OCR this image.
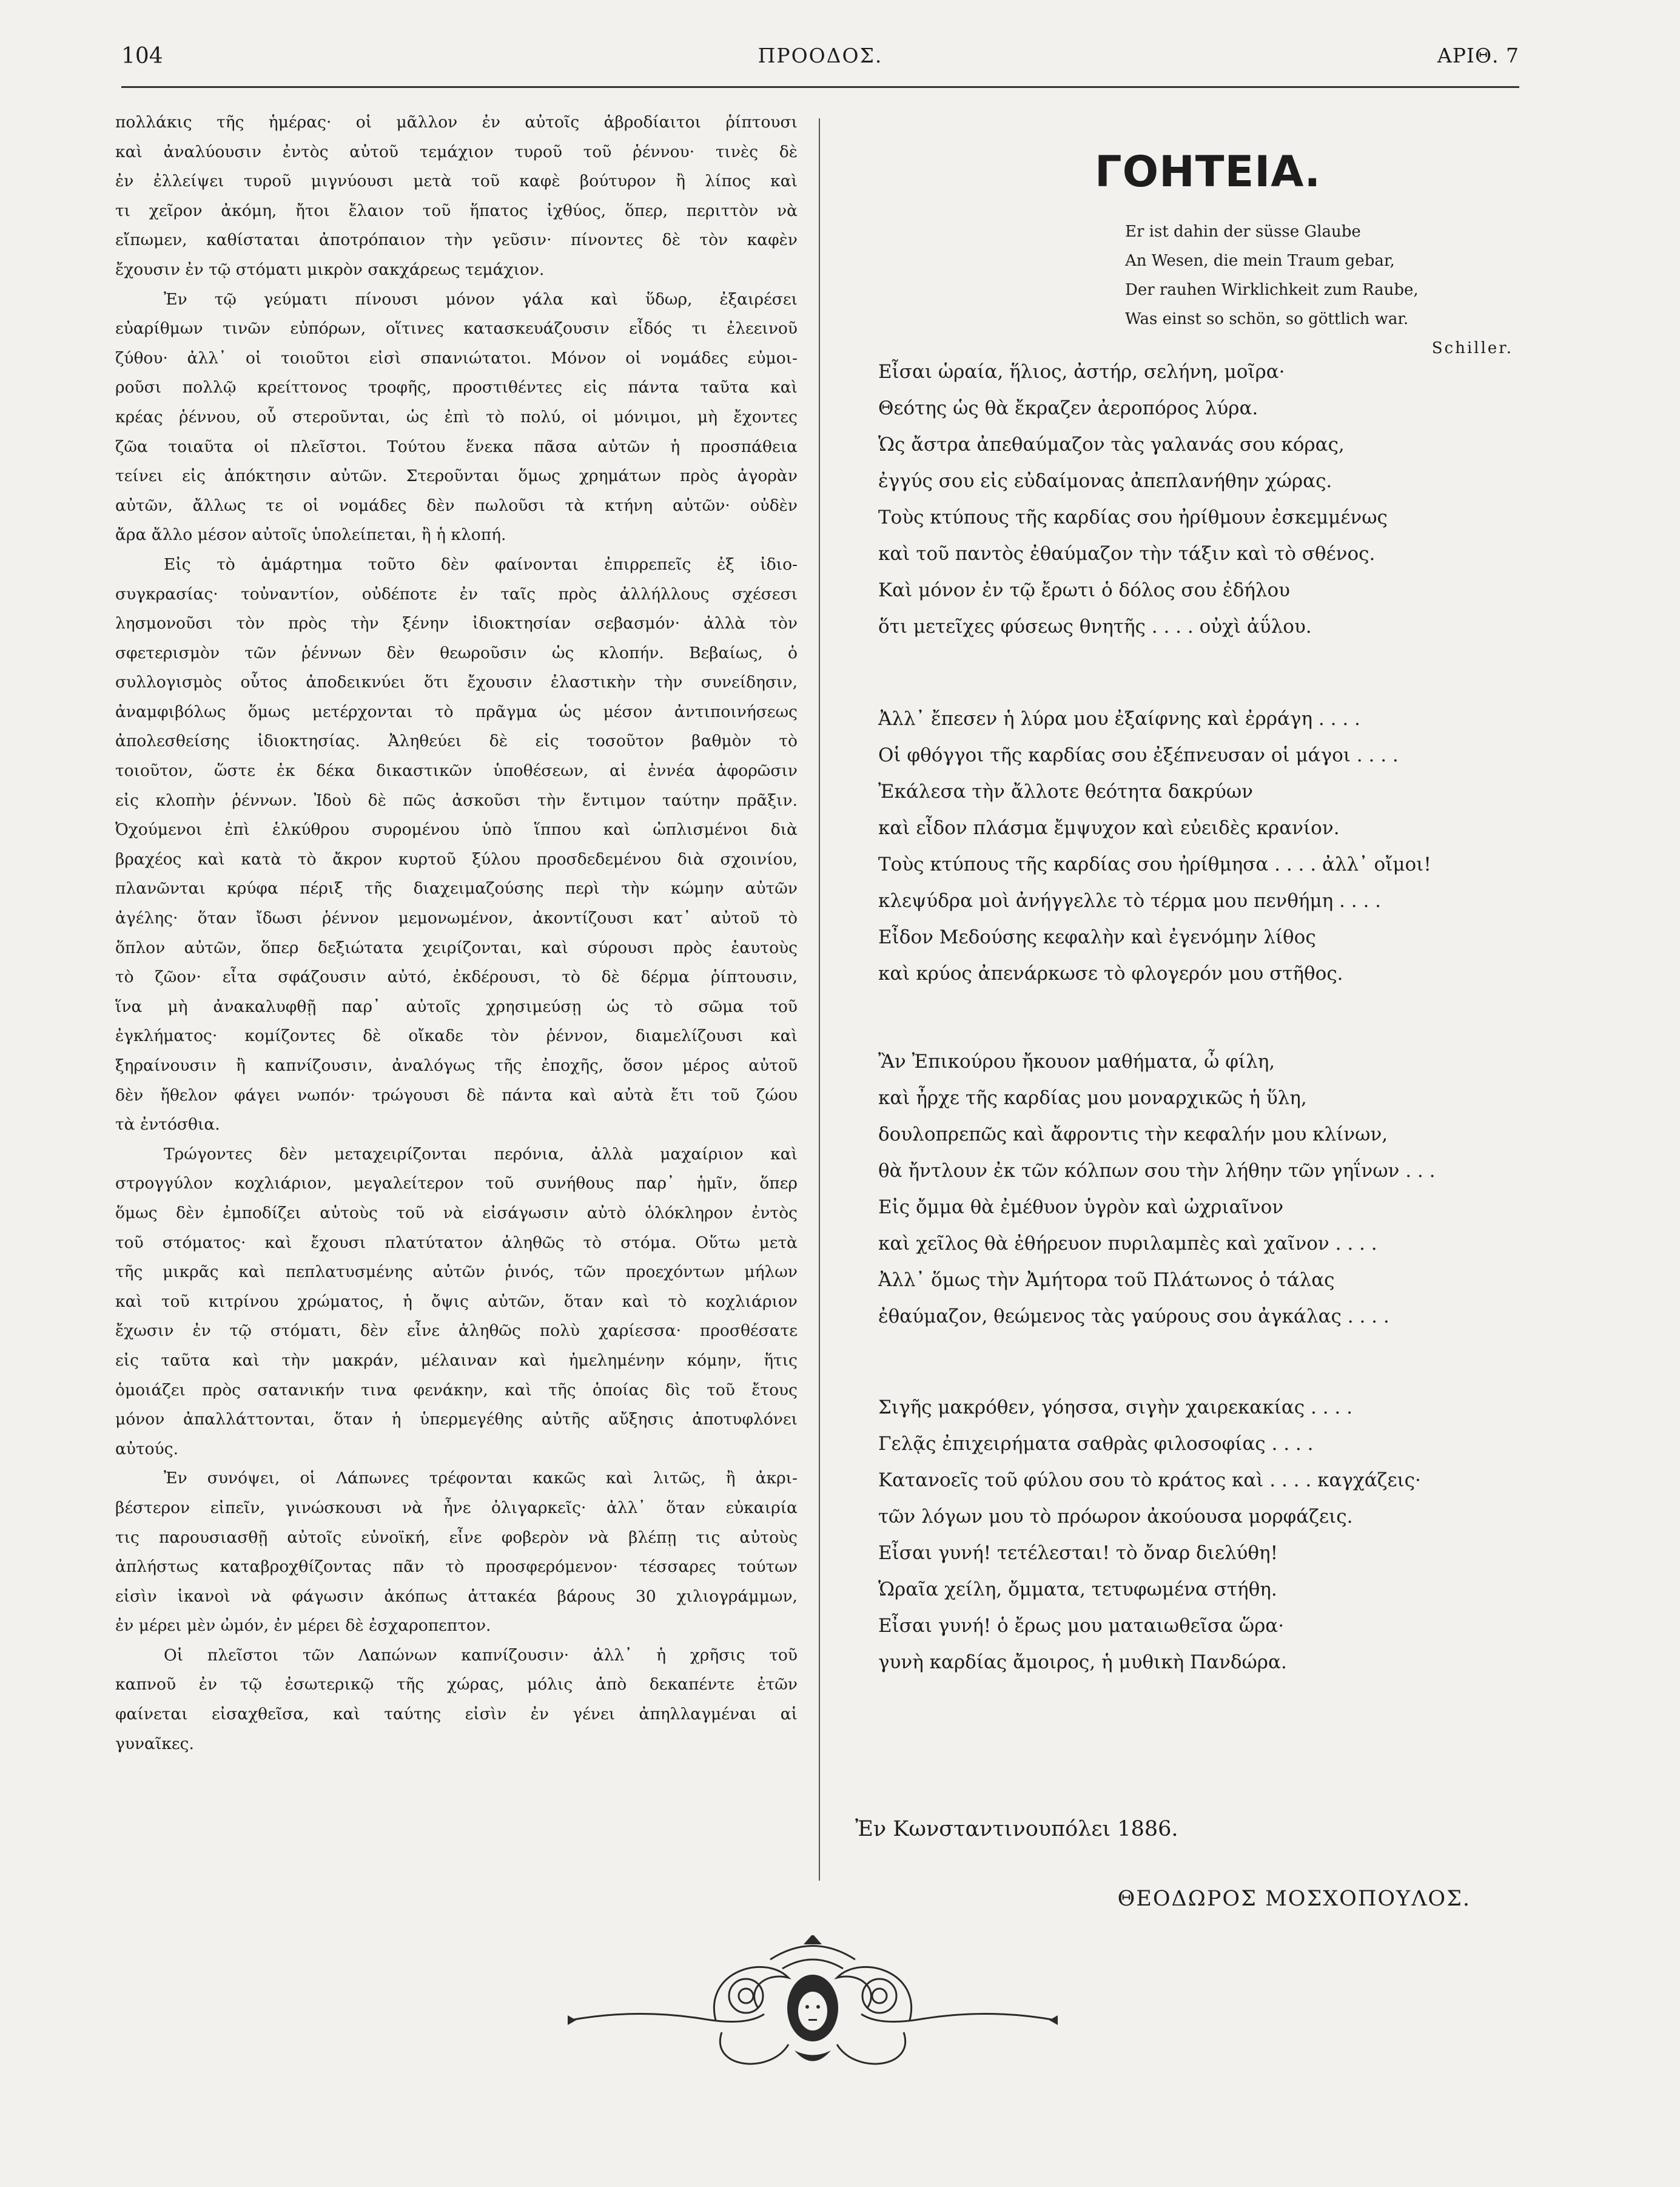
104	ΠΡΟΟΔΟΣ.	ΑΡΙΘ. 7
πολλάκις τῆς ἡμέρας· οἱ μᾶλλον ἐν αὐτοῖς ἁβροδίαιτοι ῥίπτουσι
καὶ ἀναλύουσιν ἐντὸς αὐτοῦ τεμάχιον τυροῦ τοῦ ῥέννου· τινὲς δὲ
ἐν ἐλλείψει τυροῦ μιγνύουσι μετὰ τοῦ καφὲ βούτυρον ἢ λίπος καὶ
τι χεῖρον ἀκόμη, ἤτοι ἔλαιον τοῦ ἥπατος ἰχθύος, ὅπερ, περιττὸν νὰ
εἴπωμεν, καθίσταται ἀποτρόπαιον τὴν γεῦσιν· πίνοντες δὲ τὸν καφὲν
ἔχουσιν ἐν τῷ στόματι μικρὸν σακχάρεως τεμάχιον.
Ἐν τῷ γεύματι πίνουσι μόνον γάλα καὶ ὕδωρ, ἐξαιρέσει
εὐαρίθμων τινῶν εὐπόρων, οἵτινες κατασκευάζουσιν εἶδός τι ἐλεεινοῦ
ζύθου· ἀλλ᾽ οἱ τοιοῦτοι εἰσὶ σπανιώτατοι. Μόνον οἱ νομάδες εὐμοι-
ροῦσι πολλῷ κρείττονος τροφῆς, προστιθέντες εἰς πάντα ταῦτα καὶ
κρέας ῥέννου, οὗ στεροῦνται, ὡς ἐπὶ τὸ πολύ, οἱ μόνιμοι, μὴ ἔχοντες
ζῶα τοιαῦτα οἱ πλεῖστοι. Τούτου ἕνεκα πᾶσα αὐτῶν ἡ προσπάθεια
τείνει εἰς ἀπόκτησιν αὐτῶν. Στεροῦνται ὅμως χρημάτων πρὸς ἀγορὰν
αὐτῶν, ἄλλως τε οἱ νομάδες δὲν πωλοῦσι τὰ κτήνη αὐτῶν· οὐδὲν
ἄρα ἄλλο μέσον αὐτοῖς ὑπολείπεται, ἢ ἡ κλοπή.
Εἰς τὸ ἁμάρτημα τοῦτο δὲν φαίνονται ἐπιρρεπεῖς ἐξ ἰδιο-
συγκρασίας· τοὐναντίον, οὐδέποτε ἐν ταῖς πρὸς ἀλλήλλους σχέσεσι
λησμονοῦσι τὸν πρὸς τὴν ξένην ἰδιοκτησίαν σεβασμόν· ἀλλὰ τὸν
σφετερισμὸν τῶν ῥέννων δὲν θεωροῦσιν ὡς κλοπήν. Βεβαίως, ὁ
συλλογισμὸς οὗτος ἀποδεικνύει ὅτι ἔχουσιν ἐλαστικὴν τὴν συνείδησιν,
ἀναμφιβόλως ὅμως μετέρχονται τὸ πρᾶγμα ὡς μέσον ἀντιποινήσεως
ἀπολεσθείσης ἰδιοκτησίας. Ἀληθεύει δὲ εἰς τοσοῦτον βαθμὸν τὸ
τοιοῦτον, ὥστε ἐκ δέκα δικαστικῶν ὑποθέσεων, αἱ ἐννέα ἀφορῶσιν
εἰς κλοπὴν ῥέννων. Ἰδοὺ δὲ πῶς ἀσκοῦσι τὴν ἔντιμον ταύτην πρᾶξιν.
Ὀχούμενοι ἐπὶ ἑλκύθρου συρομένου ὑπὸ ἵππου καὶ ὡπλισμένοι διὰ
βραχέος καὶ κατὰ τὸ ἄκρον κυρτοῦ ξύλου προσδεδεμένου διὰ σχοινίου,
πλανῶνται κρύφα πέριξ τῆς διαχειμαζούσης περὶ τὴν κώμην αὐτῶν
ἀγέλης· ὅταν ἴδωσι ῥέννον μεμονωμένον, ἀκοντίζουσι κατ᾽ αὐτοῦ τὸ
ὅπλον αὐτῶν, ὅπερ δεξιώτατα χειρίζονται, καὶ σύρουσι πρὸς ἑαυτοὺς
τὸ ζῶον· εἶτα σφάζουσιν αὐτό, ἐκδέρουσι, τὸ δὲ δέρμα ῥίπτουσιν,
ἵνα μὴ ἀνακαλυφθῇ παρ᾽ αὐτοῖς χρησιμεύσῃ ὡς τὸ σῶμα τοῦ
ἐγκλήματος· κομίζοντες δὲ οἴκαδε τὸν ῥέννον, διαμελίζουσι καὶ
ξηραίνουσιν ἢ καπνίζουσιν, ἀναλόγως τῆς ἐποχῆς, ὅσον μέρος αὐτοῦ
δὲν ἤθελον φάγει νωπόν· τρώγουσι δὲ πάντα καὶ αὐτὰ ἔτι τοῦ ζώου
τὰ ἐντόσθια.
Τρώγοντες δὲν μεταχειρίζονται περόνια, ἀλλὰ μαχαίριον καὶ
στρογγύλον κοχλιάριον, μεγαλείτερον τοῦ συνήθους παρ᾽ ἡμῖν, ὅπερ
ὅμως δὲν ἐμποδίζει αὐτοὺς τοῦ νὰ εἰσάγωσιν αὐτὸ ὁλόκληρον ἐντὸς
τοῦ στόματος· καὶ ἔχουσι πλατύτατον ἀληθῶς τὸ στόμα. Οὕτω μετὰ
τῆς μικρᾶς καὶ πεπλατυσμένης αὐτῶν ῥινός, τῶν προεχόντων μήλων
καὶ τοῦ κιτρίνου χρώματος, ἡ ὄψις αὐτῶν, ὅταν καὶ τὸ κοχλιάριον
ἔχωσιν ἐν τῷ στόματι, δὲν εἶνε ἀληθῶς πολὺ χαρίεσσα· προσθέσατε
εἰς ταῦτα καὶ τὴν μακράν, μέλαιναν καὶ ἠμελημένην κόμην, ἥτις
ὁμοιάζει πρὸς σατανικήν τινα φενάκην, καὶ τῆς ὁποίας δὶς τοῦ ἔτους
μόνον ἀπαλλάττονται, ὅταν ἡ ὑπερμεγέθης αὐτῆς αὔξησις ἀποτυφλόνει
αὐτούς.
Ἐν συνόψει, οἱ Λάπωνες τρέφονται κακῶς καὶ λιτῶς, ἢ ἀκρι-
βέστερον εἰπεῖν, γινώσκουσι νὰ ἦνε ὀλιγαρκεῖς· ἀλλ᾽ ὅταν εὐκαιρία
τις παρουσιασθῇ αὐτοῖς εὐνοϊκή, εἶνε φοβερὸν νὰ βλέπῃ τις αὐτοὺς
ἀπλήστως καταβροχθίζοντας πᾶν τὸ προσφερόμενον· τέσσαρες τούτων
εἰσὶν ἱκανοὶ νὰ φάγωσιν ἀκόπως ἀττακέα βάρους 30 χιλιογράμμων,
ἐν μέρει μὲν ὠμόν, ἐν μέρει δὲ ἐσχαροπεπτον.
Οἱ πλεῖστοι τῶν Λαπώνων καπνίζουσιν· ἀλλ᾽ ἡ χρῆσις τοῦ
καπνοῦ ἐν τῷ ἐσωτερικῷ τῆς χώρας, μόλις ἀπὸ δεκαπέντε ἐτῶν
φαίνεται εἰσαχθεῖσα, καὶ ταύτης εἰσὶν ἐν γένει ἀπηλλαγμέναι αἱ
γυναῖκες.
ΓΟΗΤΕΙΑ.
Er ist dahin der süsse Glaube
An Wesen, die mein Traum gebar,
Der rauhen Wirklichkeit zum Raube,
Was einst so schön, so göttlich war.
Schiller.
Εἶσαι ὡραία, ἥλιος, ἀστήρ, σελήνη, μοῖρα·
Θεότης ὡς θὰ ἔκραζεν ἀεροπόρος λύρα.
Ὡς ἄστρα ἀπεθαύμαζον τὰς γαλανάς σου κόρας,
ἐγγύς σου εἰς εὐδαίμονας ἀπεπλανήθην χώρας.
Τοὺς κτύπους τῆς καρδίας σου ἠρίθμουν ἐσκεμμένως
καὶ τοῦ παντὸς ἐθαύμαζον τὴν τάξιν καὶ τὸ σθένος.
Καὶ μόνον ἐν τῷ ἔρωτι ὁ δόλος σου ἐδήλου
ὅτι μετεῖχες φύσεως θνητῆς . . . . οὐχὶ ἀΰλου.
Ἀλλ᾽ ἔπεσεν ἡ λύρα μου ἐξαίφνης καὶ ἐρράγη . . . .
Οἱ φθόγγοι τῆς καρδίας σου ἐξέπνευσαν οἱ μάγοι . . . .
Ἐκάλεσα τὴν ἄλλοτε θεότητα δακρύων
καὶ εἶδον πλάσμα ἔμψυχον καὶ εὐειδὲς κρανίον.
Τοὺς κτύπους τῆς καρδίας σου ἠρίθμησα . . . . ἀλλ᾽ οἴμοι!
κλεψύδρα μοὶ ἀνήγγελλε τὸ τέρμα μου πενθήμη . . . .
Εἶδον Μεδούσης κεφαλὴν καὶ ἐγενόμην λίθος
καὶ κρύος ἀπενάρκωσε τὸ φλογερόν μου στῆθος.
Ἂν Ἐπικούρου ἤκουον μαθήματα, ὦ φίλη,
καὶ ἦρχε τῆς καρδίας μου μοναρχικῶς ἡ ὕλη,
δουλοπρεπῶς καὶ ἄφροντις τὴν κεφαλήν μου κλίνων,
θὰ ἤντλουν ἐκ τῶν κόλπων σου τὴν λήθην τῶν γηΐνων . . .
Εἰς ὄμμα θὰ ἐμέθυον ὑγρὸν καὶ ὠχριαῖνον
καὶ χεῖλος θὰ ἐθήρευον πυριλαμπὲς καὶ χαῖνον . . . .
Ἀλλ᾽ ὅμως τὴν Ἀμήτορα τοῦ Πλάτωνος ὁ τάλας
ἐθαύμαζον, θεώμενος τὰς γαύρους σου ἀγκάλας . . . .
Σιγῆς μακρόθεν, γόησσα, σιγὴν χαιρεκακίας . . . .
Γελᾷς ἐπιχειρήματα σαθρὰς φιλοσοφίας . . . .
Κατανοεῖς τοῦ φύλου σου τὸ κράτος καὶ . . . . καγχάζεις·
τῶν λόγων μου τὸ πρόωρον ἀκούουσα μορφάζεις.
Εἶσαι γυνή! τετέλεσται! τὸ ὄναρ διελύθη!
Ὡραῖα χείλη, ὄμματα, τετυφωμένα στήθη.
Εἶσαι γυνή! ὁ ἔρως μου ματαιωθεῖσα ὥρα·
γυνὴ καρδίας ἄμοιρος, ἡ μυθικὴ Πανδώρα.
Ἐν Κωνσταντινουπόλει 1886.
ΘΕΟΔΩΡΟΣ ΜΟΣΧΟΠΟΥΛΟΣ.
